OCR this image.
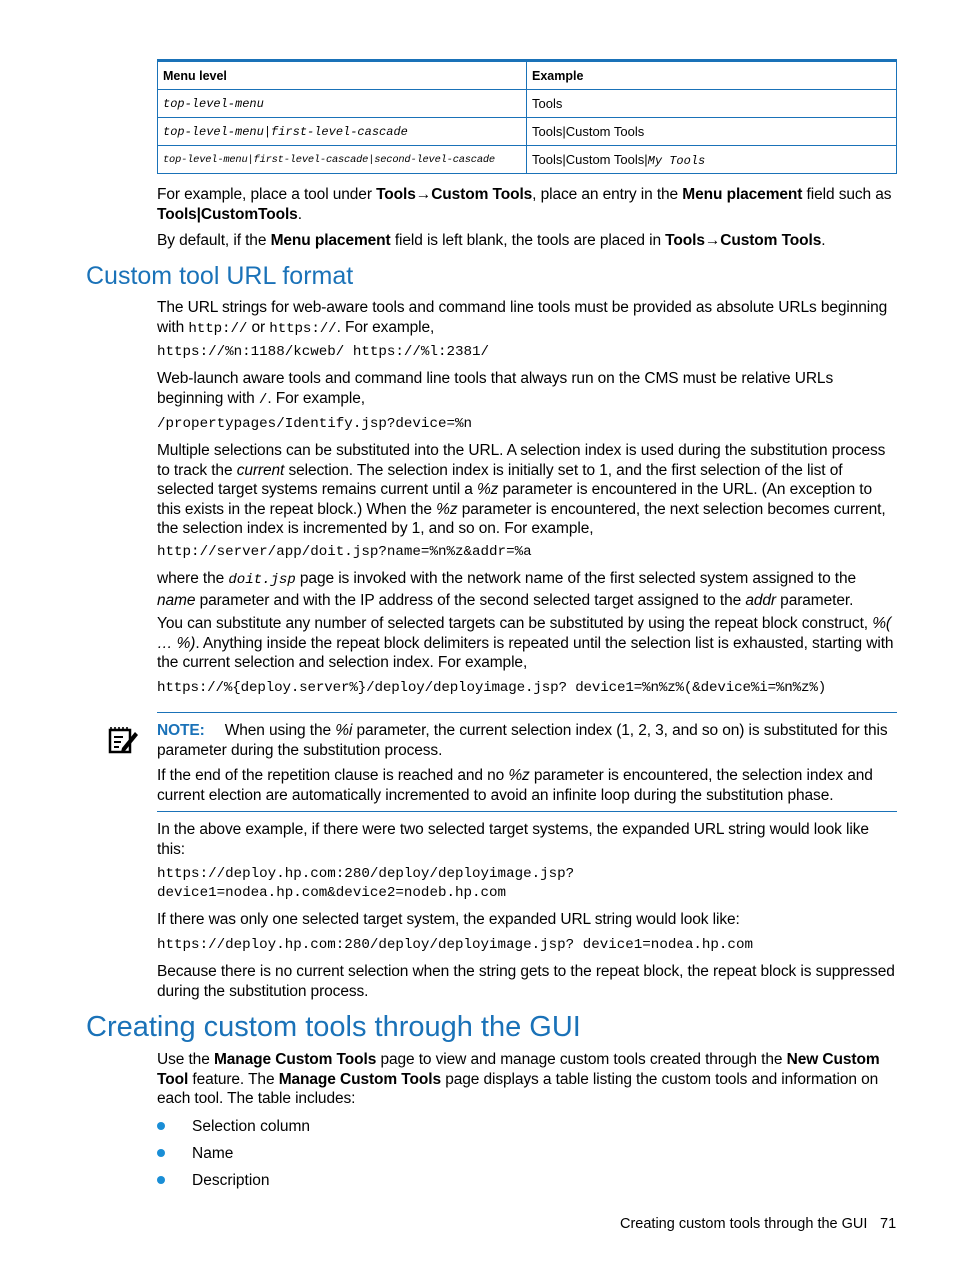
Menu level	Example
top-level-menu	Tools
top-level-menu|first-level-cascade	Tools|Custom Tools
top-level-menu|first-level-cascade|second-level-cascade	Tools|Custom Tools|My Tools
For example, place a tool under Tools→Custom Tools, place an entry in the Menu placement field such as Tools|CustomTools.
By default, if the Menu placement field is left blank, the tools are placed in Tools→Custom Tools.
Custom tool URL format
The URL strings for web-aware tools and command line tools must be provided as absolute URLs beginning with http:// or https://. For example,
https://%n:1188/kcweb/ https://%l:2381/
Web-launch aware tools and command line tools that always run on the CMS must be relative URLs beginning with /. For example,
/propertypages/Identify.jsp?device=%n
Multiple selections can be substituted into the URL. A selection index is used during the substitution process to track the current selection. The selection index is initially set to 1, and the first selection of the list of selected target systems remains current until a %z parameter is encountered in the URL. (An exception to this exists in the repeat block.) When the %z parameter is encountered, the next selection becomes current, the selection index is incremented by 1, and so on. For example,
http://server/app/doit.jsp?name=%n%z&addr=%a
where the doit.jsp page is invoked with the network name of the first selected system assigned to the name parameter and with the IP address of the second selected target assigned to the addr parameter.
You can substitute any number of selected targets can be substituted by using the repeat block construct, %( … %). Anything inside the repeat block delimiters is repeated until the selection list is exhausted, starting with the current selection and selection index. For example,
https://%{deploy.server%}/deploy/deployimage.jsp? device1=%n%z%(&device%i=%n%z%)
NOTE: When using the %i parameter, the current selection index (1, 2, 3, and so on) is substituted for this parameter during the substitution process.
If the end of the repetition clause is reached and no %z parameter is encountered, the selection index and current election are automatically incremented to avoid an infinite loop during the substitution phase.
In the above example, if there were two selected target systems, the expanded URL string would look like this:
https://deploy.hp.com:280/deploy/deployimage.jsp?
device1=nodea.hp.com&device2=nodeb.hp.com
If there was only one selected target system, the expanded URL string would look like:
https://deploy.hp.com:280/deploy/deployimage.jsp? device1=nodea.hp.com
Because there is no current selection when the string gets to the repeat block, the repeat block is suppressed during the substitution process.
Creating custom tools through the GUI
Use the Manage Custom Tools page to view and manage custom tools created through the New Custom Tool feature. The Manage Custom Tools page displays a table listing the custom tools and information on each tool. The table includes:
Selection column
Name
Description
Creating custom tools through the GUI 71
